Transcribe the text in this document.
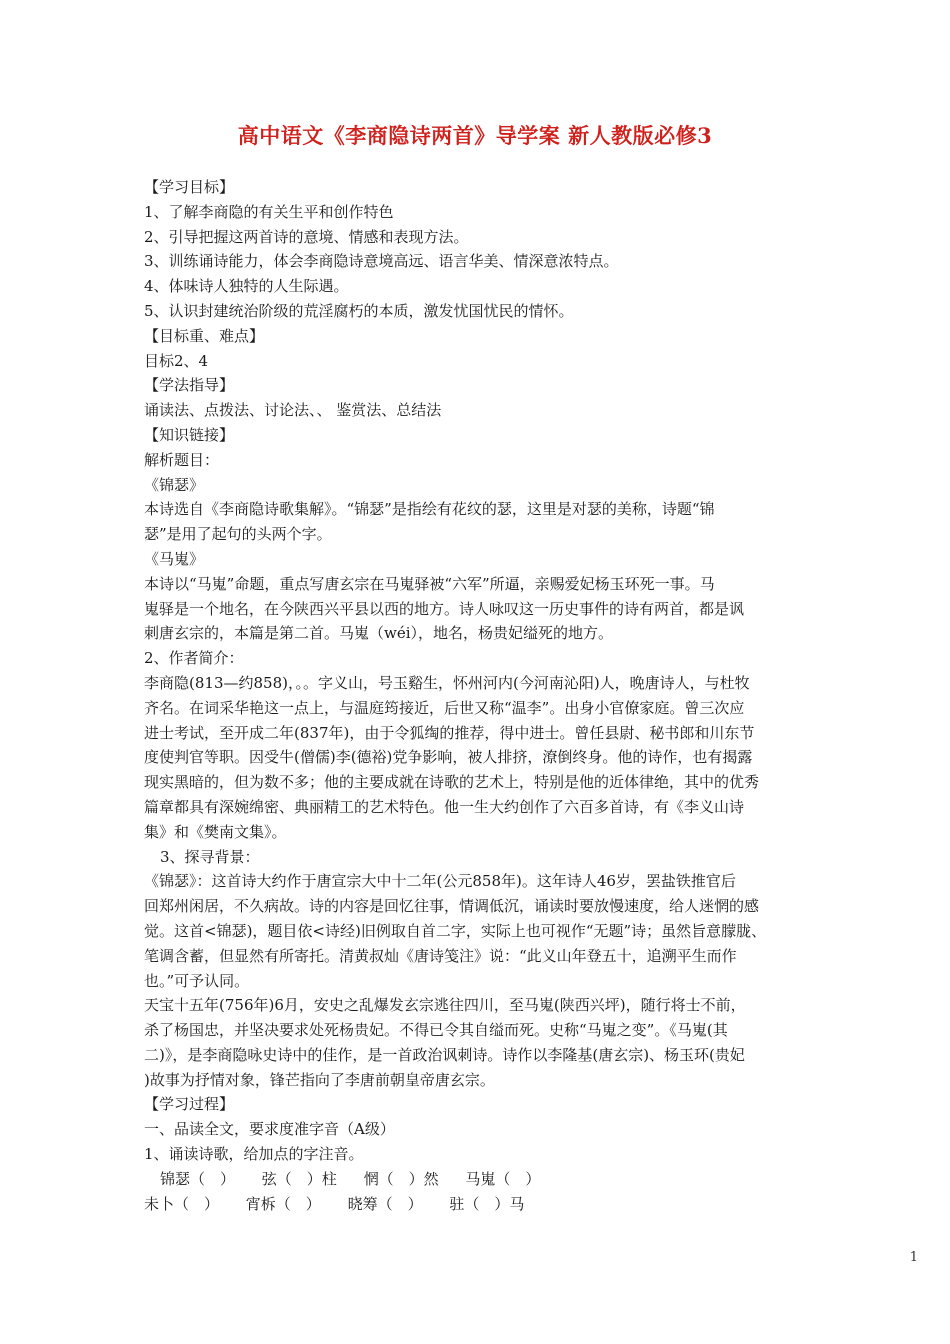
高中语文《李商隐诗两首》导学案 新人教版必修3
【学习目标】
1、了解李商隐的有关生平和创作特色
2、引导把握这两首诗的意境、情感和表现方法。
3、训练诵诗能力，体会李商隐诗意境高远、语言华美、情深意浓特点。
4、体味诗人独特的人生际遇。
5、认识封建统治阶级的荒淫腐朽的本质，激发忧国忧民的情怀。
【目标重、难点】
目标2、4
【学法指导】
诵读法、点拨法、讨论法、、 鉴赏法、总结法
【知识链接】
解析题目：
《锦瑟》
本诗选自《李商隐诗歌集解》。“锦瑟”是指绘有花纹的瑟，这里是对瑟的美称，诗题“锦
瑟”是用了起句的头两个字。
《马嵬》
本诗以“马嵬”命题，重点写唐玄宗在马嵬驿被“六军”所逼，亲赐爱妃杨玉环死一事。马
嵬驿是一个地名，在今陕西兴平县以西的地方。诗人咏叹这一历史事件的诗有两首，都是讽
刺唐玄宗的，本篇是第二首。马嵬（wéi），地名，杨贵妃缢死的地方。
2、作者简介：
李商隐(813—约858)，。。字义山，号玉谿生，怀州河内(今河南沁阳)人，晚唐诗人，与杜牧
齐名。在词采华艳这一点上，与温庭筠接近，后世又称“温李”。出身小官僚家庭。曾三次应
进士考试，至开成二年(837年)，由于令狐绹的推荐，得中进士。曾任县尉、秘书郎和川东节
度使判官等职。因受牛(僧儒)李(德裕)党争影响，被人排挤，潦倒终身。他的诗作，也有揭露
现实黑暗的，但为数不多；他的主要成就在诗歌的艺术上，特别是他的近体律绝，其中的优秀
篇章都具有深婉绵密、典丽精工的艺术特色。他一生大约创作了六百多首诗，有《李义山诗
集》和《樊南文集》。
3、探寻背景：
《锦瑟》：这首诗大约作于唐宣宗大中十二年(公元858年)。这年诗人46岁，罢盐铁推官后
回郑州闲居，不久病故。诗的内容是回忆往事，情调低沉，诵读时要放慢速度，给人迷惘的感
觉。这首<锦瑟)，题目依<诗经)旧例取自首二字，实际上也可视作“无题”诗；虽然旨意朦胧、
笔调含蓄，但显然有所寄托。清黄叔灿《唐诗笺注》说：“此义山年登五十，追溯平生而作
也。”可予认同。
天宝十五年(756年)6月，安史之乱爆发玄宗逃往四川，至马嵬(陕西兴坪)，随行将士不前，
杀了杨国忠，并坚决要求处死杨贵妃。不得已令其自缢而死。史称“马嵬之变”。《马嵬(其
二)》，是李商隐咏史诗中的佳作，是一首政治讽刺诗。诗作以李隆基(唐玄宗)、杨玉环(贵妃
)故事为抒情对象，锋芒指向了李唐前朝皇帝唐玄宗。
【学习过程】
一、品读全文，要求度准字音（A级）
1、诵读诗歌，给加点的字注音。
锦瑟（　） 弦（　）柱 惘（　）然 马嵬（　）
未卜（　） 宵柝（　） 晓筹（　） 驻（　）马
1
